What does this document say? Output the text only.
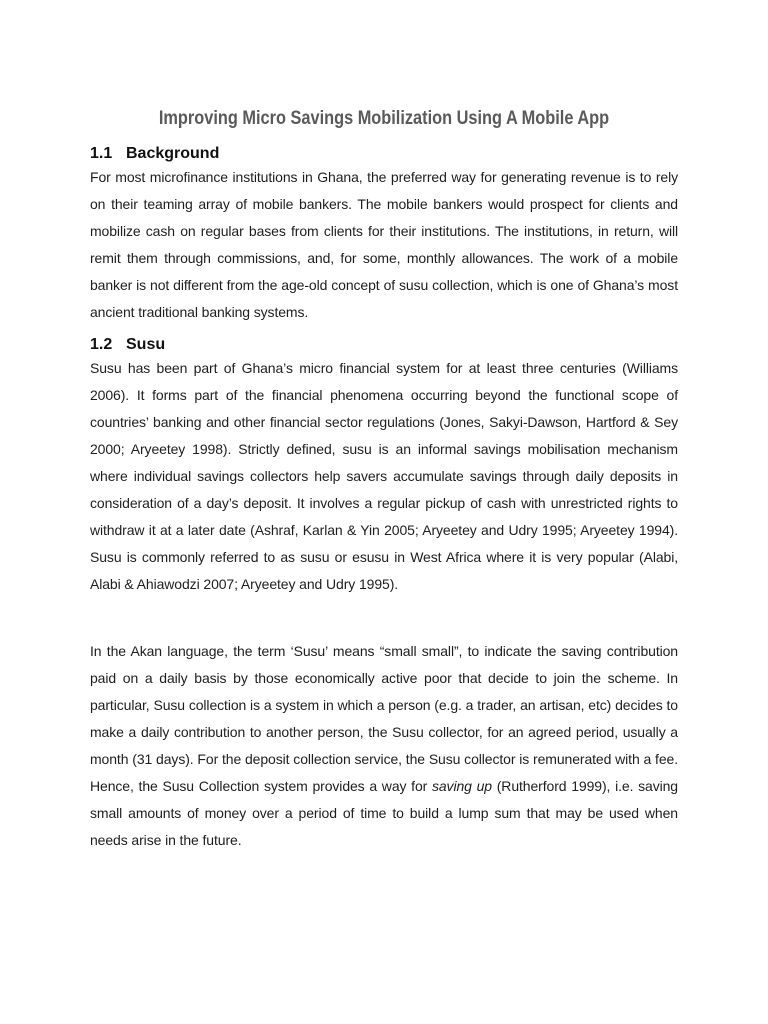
Improving Micro Savings Mobilization Using A Mobile App
1.1 Background

For most microfinance institutions in Ghana, the preferred way for generating revenue is to rely on their teaming array of mobile bankers. The mobile bankers would prospect for clients and mobilize cash on regular bases from clients for their institutions. The institutions, in return, will remit them through commissions, and, for some, monthly allowances. The work of a mobile banker is not different from the age-old concept of susu collection, which is one of Ghana’s most ancient traditional banking systems.

1.2 Susu

Susu has been part of Ghana’s micro financial system for at least three centuries (Williams 2006). It forms part of the financial phenomena occurring beyond the functional scope of countries’ banking and other financial sector regulations (Jones, Sakyi-Dawson, Hartford & Sey 2000; Aryeetey 1998). Strictly defined, susu is an informal savings mobilisation mechanism where individual savings collectors help savers accumulate savings through daily deposits in consideration of a day’s deposit. It involves a regular pickup of cash with unrestricted rights to withdraw it at a later date (Ashraf, Karlan & Yin 2005; Aryeetey and Udry 1995; Aryeetey 1994). Susu is commonly referred to as susu or esusu in West Africa where it is very popular (Alabi, Alabi & Ahiawodzi 2007; Aryeetey and Udry 1995).

In the Akan language, the term ‘Susu’ means “small small”, to indicate the saving contribution paid on a daily basis by those economically active poor that decide to join the scheme. In particular, Susu collection is a system in which a person (e.g. a trader, an artisan, etc) decides to make a daily contribution to another person, the Susu collector, for an agreed period, usually a month (31 days). For the deposit collection service, the Susu collector is remunerated with a fee. Hence, the Susu Collection system provides a way for saving up (Rutherford 1999), i.e. saving small amounts of money over a period of time to build a lump sum that may be used when needs arise in the future.
